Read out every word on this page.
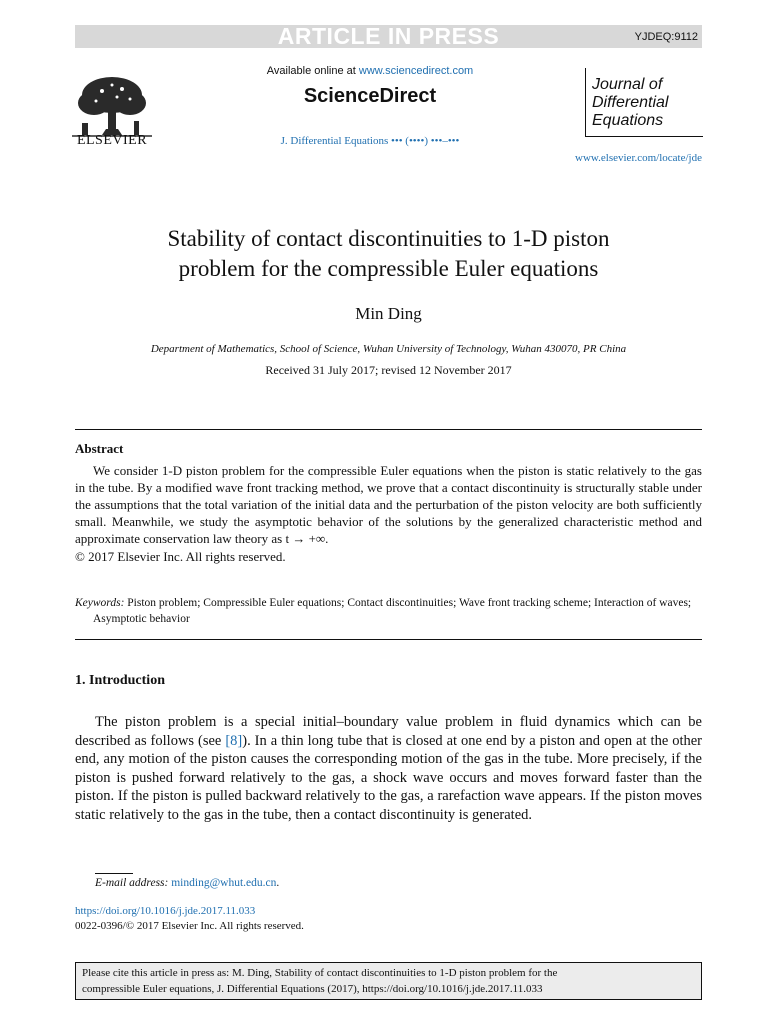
ARTICLE IN PRESS	YJDEQ:9112
ELSEVIER
Available online at www.sciencedirect.com
ScienceDirect
J. Differential Equations ••• (••••) •••–•••
Journal of
Differential
Equations
www.elsevier.com/locate/jde
Stability of contact discontinuities to 1-D piston
problem for the compressible Euler equations
Min Ding
Department of Mathematics, School of Science, Wuhan University of Technology, Wuhan 430070, PR China
Received 31 July 2017; revised 12 November 2017
Abstract

We consider 1-D piston problem for the compressible Euler equations when the piston is static relatively to the gas in the tube. By a modified wave front tracking method, we prove that a contact discontinuity is structurally stable under the assumptions that the total variation of the initial data and the perturbation of the piston velocity are both sufficiently small. Meanwhile, we study the asymptotic behavior of the solutions by the generalized characteristic method and approximate conservation law theory as t → +∞.

© 2017 Elsevier Inc. All rights reserved.
Keywords: Piston problem; Compressible Euler equations; Contact discontinuities; Wave front tracking scheme; Interaction of waves; Asymptotic behavior
1. Introduction

The piston problem is a special initial–boundary value problem in fluid dynamics which can be described as follows (see [8]). In a thin long tube that is closed at one end by a piston and open at the other end, any motion of the piston causes the corresponding motion of the gas in the tube. More precisely, if the piston is pushed forward relatively to the gas, a shock wave occurs and moves forward faster than the piston. If the piston is pulled backward relatively to the gas, a rarefaction wave appears. If the piston moves static relatively to the gas in the tube, then a contact discontinuity is generated.

E-mail address: minding@whut.edu.cn.
https://doi.org/10.1016/j.jde.2017.11.033
0022-0396/© 2017 Elsevier Inc. All rights reserved.
Please cite this article in press as: M. Ding, Stability of contact discontinuities to 1-D piston problem for the
compressible Euler equations, J. Differential Equations (2017), https://doi.org/10.1016/j.jde.2017.11.033
